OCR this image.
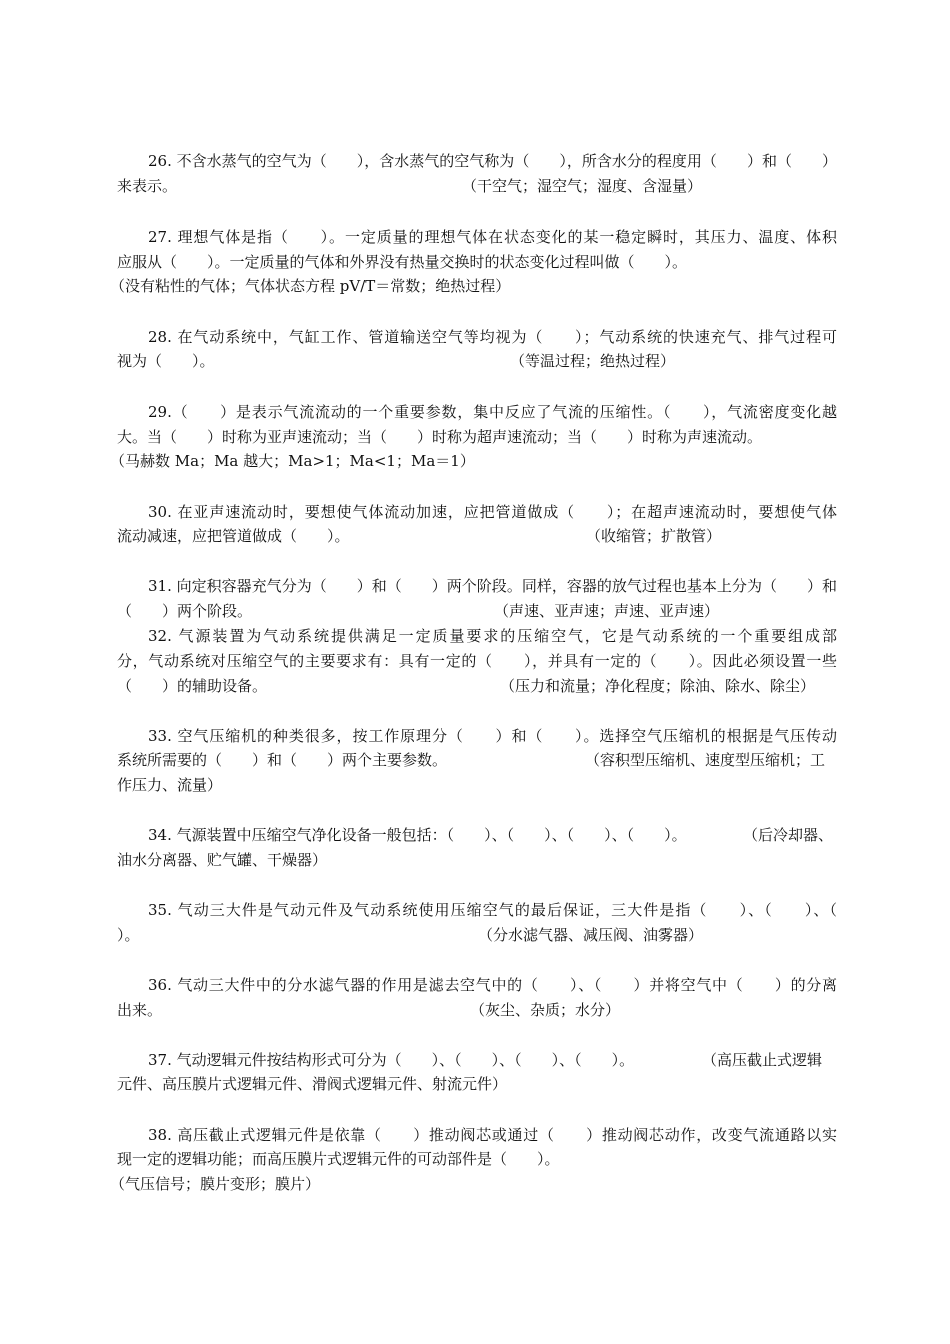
26. 不含水蒸气的空气为（　　），含水蒸气的空气称为（　　），所含水分的程度用（　　）和（　　）
来表示。	（干空气；湿空气；湿度、含湿量）
27. 理想气体是指（　　）。一定质量的理想气体在状态变化的某一稳定瞬时，其压力、温度、体积
应服从（　　）。一定质量的气体和外界没有热量交换时的状态变化过程叫做（　　）。
（没有粘性的气体；气体状态方程 pV/T＝常数；绝热过程）
28. 在气动系统中，气缸工作、管道输送空气等均视为（　　）；气动系统的快速充气、排气过程可
视为（　　）。	（等温过程；绝热过程）
29.（　　）是表示气流流动的一个重要参数，集中反应了气流的压缩性。（　　），气流密度变化越
大。当（　　）时称为亚声速流动；当（　　）时称为超声速流动；当（　　）时称为声速流动。
（马赫数 Ma；Ma 越大；Ma>1；Ma<1；Ma＝1）
30. 在亚声速流动时，要想使气体流动加速，应把管道做成（　　）；在超声速流动时，要想使气体
流动减速，应把管道做成（　　）。	（收缩管；扩散管）
31. 向定积容器充气分为（　　）和（　　）两个阶段。同样，容器的放气过程也基本上分为（　　）和
（　　）两个阶段。	（声速、亚声速；声速、亚声速）
32. 气源装置为气动系统提供满足一定质量要求的压缩空气，它是气动系统的一个重要组成部
分，气动系统对压缩空气的主要要求有：具有一定的（　　），并具有一定的（　　）。因此必须设置一些
（　　）的辅助设备。	（压力和流量；净化程度；除油、除水、除尘）
33. 空气压缩机的种类很多，按工作原理分（　　）和（　　）。选择空气压缩机的根据是气压传动
系统所需要的（　　）和（　　）两个主要参数。	（容积型压缩机、速度型压缩机；工
作压力、流量）
34. 气源装置中压缩空气净化设备一般包括：（　　）、（　　）、（　　）、（　　）。	（后冷却器、
油水分离器、贮气罐、干燥器）
35. 气动三大件是气动元件及气动系统使用压缩空气的最后保证，三大件是指（　　）、（　　）、（
）。	（分水滤气器、减压阀、油雾器）
36. 气动三大件中的分水滤气器的作用是滤去空气中的（　　）、（　　）并将空气中（　　）的分离
出来。	（灰尘、杂质；水分）
37. 气动逻辑元件按结构形式可分为（　　）、（　　）、（　　）、（　　）。	（高压截止式逻辑
元件、高压膜片式逻辑元件、滑阀式逻辑元件、射流元件）
38. 高压截止式逻辑元件是依靠（　　）推动阀芯或通过（　　）推动阀芯动作，改变气流通路以实
现一定的逻辑功能；而高压膜片式逻辑元件的可动部件是（　　）。
（气压信号；膜片变形；膜片）
